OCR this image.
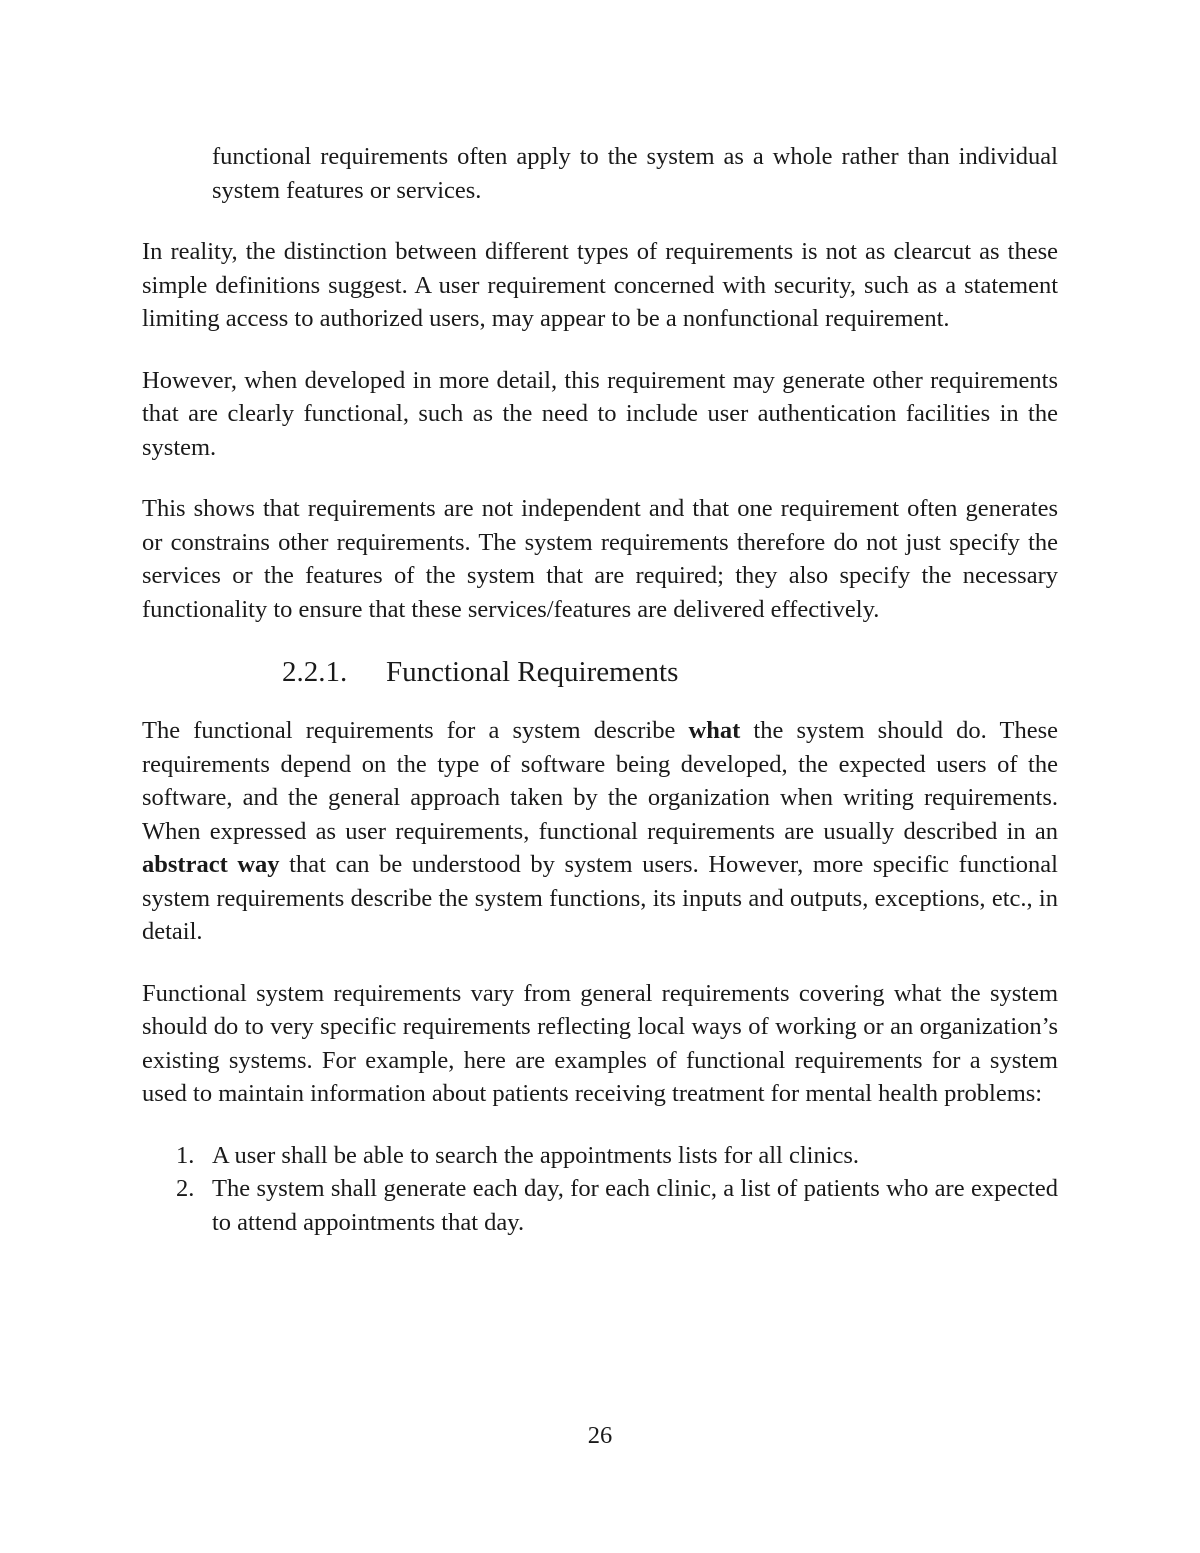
functional requirements often apply to the system as a whole rather than individual system features or services.

In reality, the distinction between different types of requirements is not as clearcut as these simple definitions suggest. A user requirement concerned with security, such as a statement limiting access to authorized users, may appear to be a nonfunctional requirement.

However, when developed in more detail, this requirement may generate other requirements that are clearly functional, such as the need to include user authentication facilities in the system.

This shows that requirements are not independent and that one requirement often generates or constrains other requirements. The system requirements therefore do not just specify the services or the features of the system that are required; they also specify the necessary functionality to ensure that these services/features are delivered effectively.

2.2.1. Functional Requirements

The functional requirements for a system describe what the system should do. These requirements depend on the type of software being developed, the expected users of the software, and the general approach taken by the organization when writing requirements. When expressed as user requirements, functional requirements are usually described in an abstract way that can be understood by system users. However, more specific functional system requirements describe the system functions, its inputs and outputs, exceptions, etc., in detail.

Functional system requirements vary from general requirements covering what the system should do to very specific requirements reflecting local ways of working or an organization’s existing systems. For example, here are examples of functional requirements for a system used to maintain information about patients receiving treatment for mental health problems:

1. A user shall be able to search the appointments lists for all clinics.
2. The system shall generate each day, for each clinic, a list of patients who are expected to attend appointments that day.
26
